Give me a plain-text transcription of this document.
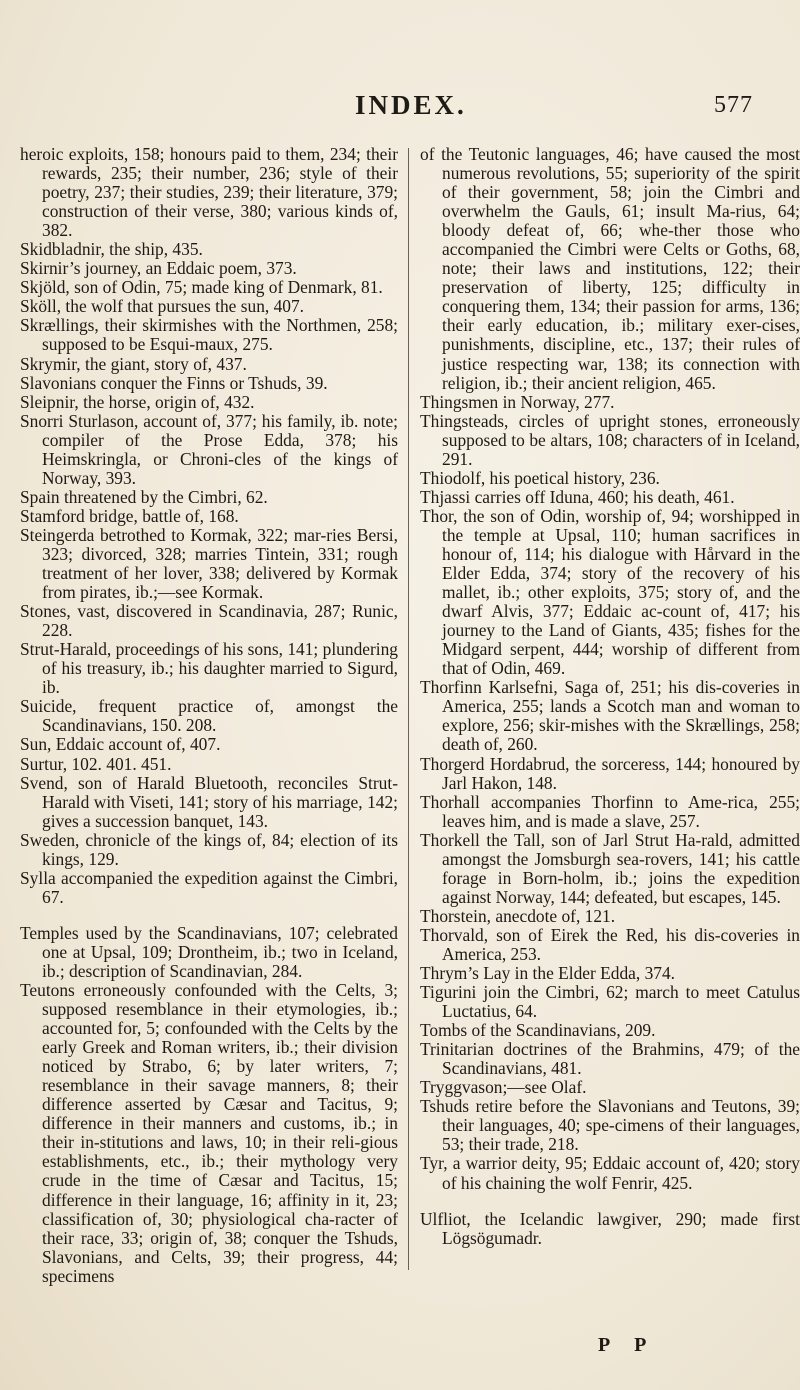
INDEX.	577

heroic exploits, 158; honours paid to them, 234; their rewards, 235; their number, 236; style of their poetry, 237; their studies, 239; their literature, 379; construction of their verse, 380; various kinds of, 382.

Skidbladnir, the ship, 435.

Skirnir’s journey, an Eddaic poem, 373.

Skjöld, son of Odin, 75; made king of Denmark, 81.

Sköll, the wolf that pursues the sun, 407.

Skrællings, their skirmishes with the Northmen, 258; supposed to be Esqui-maux, 275.

Skrymir, the giant, story of, 437.

Slavonians conquer the Finns or Tshuds, 39.

Sleipnir, the horse, origin of, 432.

Snorri Sturlason, account of, 377; his family, ib. note; compiler of the Prose Edda, 378; his Heimskringla, or Chroni-cles of the kings of Norway, 393.

Spain threatened by the Cimbri, 62.

Stamford bridge, battle of, 168.

Steingerda betrothed to Kormak, 322; mar-ries Bersi, 323; divorced, 328; marries Tintein, 331; rough treatment of her lover, 338; delivered by Kormak from pirates, ib.;—see Kormak.

Stones, vast, discovered in Scandinavia, 287; Runic, 228.

Strut-Harald, proceedings of his sons, 141; plundering of his treasury, ib.; his daughter married to Sigurd, ib.

Suicide, frequent practice of, amongst the Scandinavians, 150. 208.

Sun, Eddaic account of, 407.

Surtur, 102. 401. 451.

Svend, son of Harald Bluetooth, reconciles Strut-Harald with Viseti, 141; story of his marriage, 142; gives a succession banquet, 143.

Sweden, chronicle of the kings of, 84; election of its kings, 129.

Sylla accompanied the expedition against the Cimbri, 67.

Temples used by the Scandinavians, 107; celebrated one at Upsal, 109; Drontheim, ib.; two in Iceland, ib.; description of Scandinavian, 284.

Teutons erroneously confounded with the Celts, 3; supposed resemblance in their etymologies, ib.; accounted for, 5; confounded with the Celts by the early Greek and Roman writers, ib.; their division noticed by Strabo, 6; by later writers, 7; resemblance in their savage manners, 8; their difference asserted by Cæsar and Tacitus, 9; difference in their manners and customs, ib.; in their in-stitutions and laws, 10; in their reli-gious establishments, etc., ib.; their mythology very crude in the time of Cæsar and Tacitus, 15; difference in their language, 16; affinity in it, 23; classification of, 30; physiological cha-racter of their race, 33; origin of, 38; conquer the Tshuds, Slavonians, and Celts, 39; their progress, 44; specimens

of the Teutonic languages, 46; have caused the most numerous revolutions, 55; superiority of the spirit of their government, 58; join the Cimbri and overwhelm the Gauls, 61; insult Ma-rius, 64; bloody defeat of, 66; whe-ther those who accompanied the Cimbri were Celts or Goths, 68, note; their laws and institutions, 122; their preservation of liberty, 125; difficulty in conquering them, 134; their passion for arms, 136; their early education, ib.; military exer-cises, punishments, discipline, etc., 137; their rules of justice respecting war, 138; its connection with religion, ib.; their ancient religion, 465.

Thingsmen in Norway, 277.

Thingsteads, circles of upright stones, erroneously supposed to be altars, 108; characters of in Iceland, 291.

Thiodolf, his poetical history, 236.

Thjassi carries off Iduna, 460; his death, 461.

Thor, the son of Odin, worship of, 94; worshipped in the temple at Upsal, 110; human sacrifices in honour of, 114; his dialogue with Hårvard in the Elder Edda, 374; story of the recovery of his mallet, ib.; other exploits, 375; story of, and the dwarf Alvis, 377; Eddaic ac-count of, 417; his journey to the Land of Giants, 435; fishes for the Midgard serpent, 444; worship of different from that of Odin, 469.

Thorfinn Karlsefni, Saga of, 251; his dis-coveries in America, 255; lands a Scotch man and woman to explore, 256; skir-mishes with the Skrællings, 258; death of, 260.

Thorgerd Hordabrud, the sorceress, 144; honoured by Jarl Hakon, 148.

Thorhall accompanies Thorfinn to Ame-rica, 255; leaves him, and is made a slave, 257.

Thorkell the Tall, son of Jarl Strut Ha-rald, admitted amongst the Jomsburgh sea-rovers, 141; his cattle forage in Born-holm, ib.; joins the expedition against Norway, 144; defeated, but escapes, 145.

Thorstein, anecdote of, 121.

Thorvald, son of Eirek the Red, his dis-coveries in America, 253.

Thrym’s Lay in the Elder Edda, 374.

Tigurini join the Cimbri, 62; march to meet Catulus Luctatius, 64.

Tombs of the Scandinavians, 209.

Trinitarian doctrines of the Brahmins, 479; of the Scandinavians, 481.

Tryggvason;—see Olaf.

Tshuds retire before the Slavonians and Teutons, 39; their languages, 40; spe-cimens of their languages, 53; their trade, 218.

Tyr, a warrior deity, 95; Eddaic account of, 420; story of his chaining the wolf Fenrir, 425.

Ulfliot, the Icelandic lawgiver, 290; made first Lögsögumadr.

P P
